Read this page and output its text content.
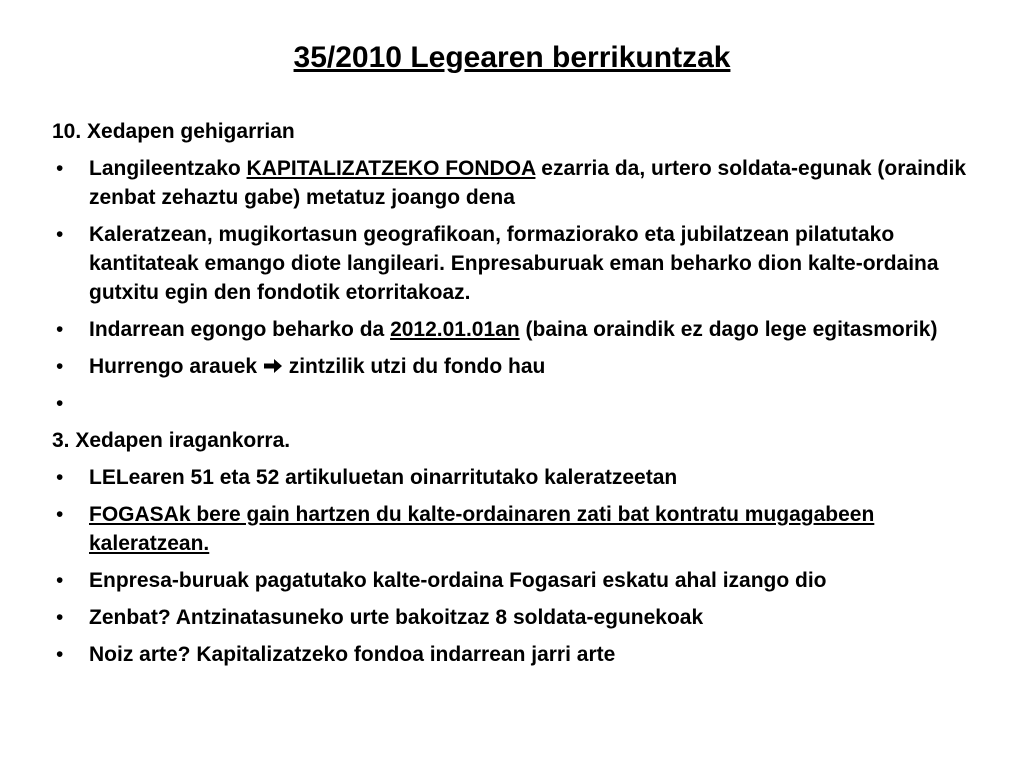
35/2010 Legearen berrikuntzak

10. Xedapen gehigarrian

• Langileentzako KAPITALIZATZEKO FONDOA ezarria da, urtero soldata-egunak (oraindik zenbat zehaztu gabe) metatuz joango dena

• Kaleratzean, mugikortasun geografikoan, formaziorako eta jubilatzean pilatutako kantitateak emango diote langileari. Enpresaburuak eman beharko dion kalte-ordaina gutxitu egin den fondotik etorritakoaz.

• Indarrean egongo beharko da 2012.01.01an (baina oraindik ez dago lege egitasmorik)

• Hurrengo arauek  zintzilik utzi du fondo hau

•

3. Xedapen iragankorra.

• LELearen 51 eta 52 artikuluetan oinarritutako kaleratzeetan

• FOGASAk bere gain hartzen du kalte-ordainaren zati bat kontratu mugagabeen kaleratzean.

• Enpresa-buruak pagatutako kalte-ordaina Fogasari eskatu ahal izango dio

• Zenbat? Antzinatasuneko urte bakoitzaz 8 soldata-egunekoak

• Noiz arte? Kapitalizatzeko fondoa indarrean jarri arte
